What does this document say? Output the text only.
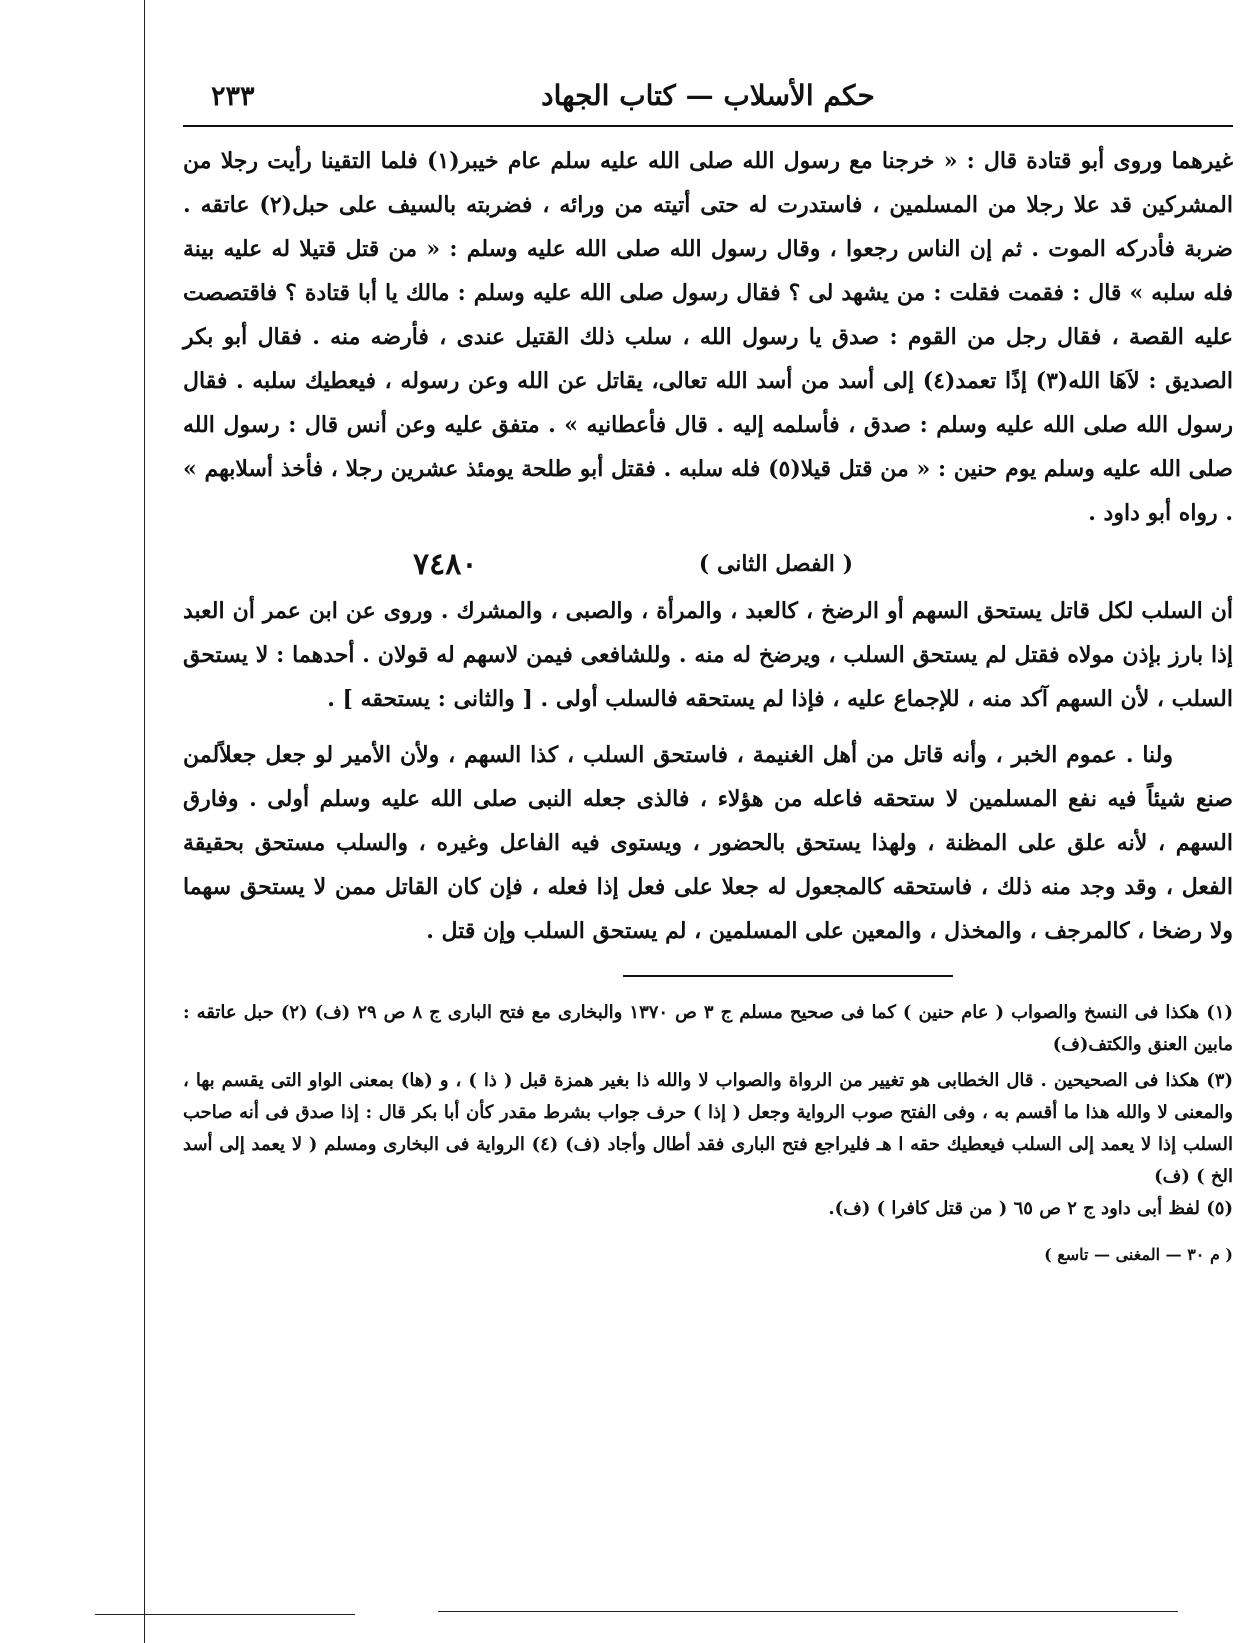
حكم الأسلاب — كتاب الجهاد
٢٣٣

غيرهما وروى أبو قتادة قال : « خرجنا مع رسول الله صلى الله عليه سلم عام خيبر(١) فلما التقينا رأيت رجلا من المشركين قد علا رجلا من المسلمين ، فاستدرت له حتى أتيته من ورائه ، فضربته بالسيف على حبل(٢) عاتقه . ضربة فأدركه الموت . ثم إن الناس رجعوا ، وقال رسول الله صلى الله عليه وسلم : « من قتل قتيلا له عليه بينة فله سلبه » قال : فقمت فقلت : من يشهد لى ؟ فقال رسول صلى الله عليه وسلم : مالك يا أبا قتادة ؟ فاقتصصت عليه القصة ، فقال رجل من القوم : صدق يا رسول الله ، سلب ذلك القتيل عندى ، فأرضه منه . فقال أبو بكر الصديق : لاَهَا الله(٣) إذًا تعمد(٤) إلى أسد من أسد الله تعالى، يقاتل عن الله وعن رسوله ، فيعطيك سلبه . فقال رسول الله صلى الله عليه وسلم : صدق ، فأسلمه إليه . قال فأعطانيه » . متفق عليه وعن أنس قال : رسول الله صلى الله عليه وسلم يوم حنين : « من قتل قيلا(٥) فله سلبه . فقتل أبو طلحة يومئذ عشرين رجلا ، فأخذ أسلابهم » . رواه أبو داود .

( الفصل الثانى )
٧٤٨٠

أن السلب لكل قاتل يستحق السهم أو الرضخ ، كالعبد ، والمرأة ، والصبى ، والمشرك . وروى عن ابن عمر أن العبد إذا بارز بإذن مولاه فقتل لم يستحق السلب ، ويرضخ له منه . وللشافعى فيمن لاسهم له قولان . أحدهما : لا يستحق السلب ، لأن السهم آكد منه ، للإجماع عليه ، فإذا لم يستحقه فالسلب أولى . [ والثانى : يستحقه ] .

ولنا . عموم الخبر ، وأنه قاتل من أهل الغنيمة ، فاستحق السلب ، كذا السهم ، ولأن الأمير لو جعل جعلاًلمن صنع شيئاً فيه نفع المسلمين لا ستحقه فاعله من هؤلاء ، فالذى جعله النبى صلى الله عليه وسلم أولى . وفارق السهم ، لأنه علق على المظنة ، ولهذا يستحق بالحضور ، ويستوى فيه الفاعل وغيره ، والسلب مستحق بحقيقة الفعل ، وقد وجد منه ذلك ، فاستحقه كالمجعول له جعلا على فعل إذا فعله ، فإن كان القاتل ممن لا يستحق سهما ولا رضخا ، كالمرجف ، والمخذل ، والمعين على المسلمين ، لم يستحق السلب وإن قتل .

(١) هكذا فى النسخ والصواب ( عام حنين ) كما فى صحيح مسلم ج ٣ ص ١٣٧٠ والبخارى مع فتح البارى ج ٨ ص ٢٩ (ف) (٢) حبل عاتقه : مابين العنق والكتف(ف)

(٣) هكذا فى الصحيحين . قال الخطابى هو تغيير من الرواة والصواب لا والله ذا بغير همزة قبل ( ذا ) ، و (ها) بمعنى الواو التى يقسم بها ، والمعنى لا والله هذا ما أقسم به ، وفى الفتح صوب الرواية وجعل ( إذا ) حرف جواب بشرط مقدر كأن أبا بكر قال : إذا صدق فى أنه صاحب السلب إذا لا يعمد إلى السلب فيعطيك حقه ا هـ فليراجع فتح البارى فقد أطال وأجاد (ف) (٤) الرواية فى البخارى ومسلم ( لا يعمد إلى أسد الخ ) (ف)

(٥) لفظ أبى داود ج ٢ ص ٦٥ ( من قتل كافرا ) (ف).

( م ٣٠ — المغنى — تاسع )
